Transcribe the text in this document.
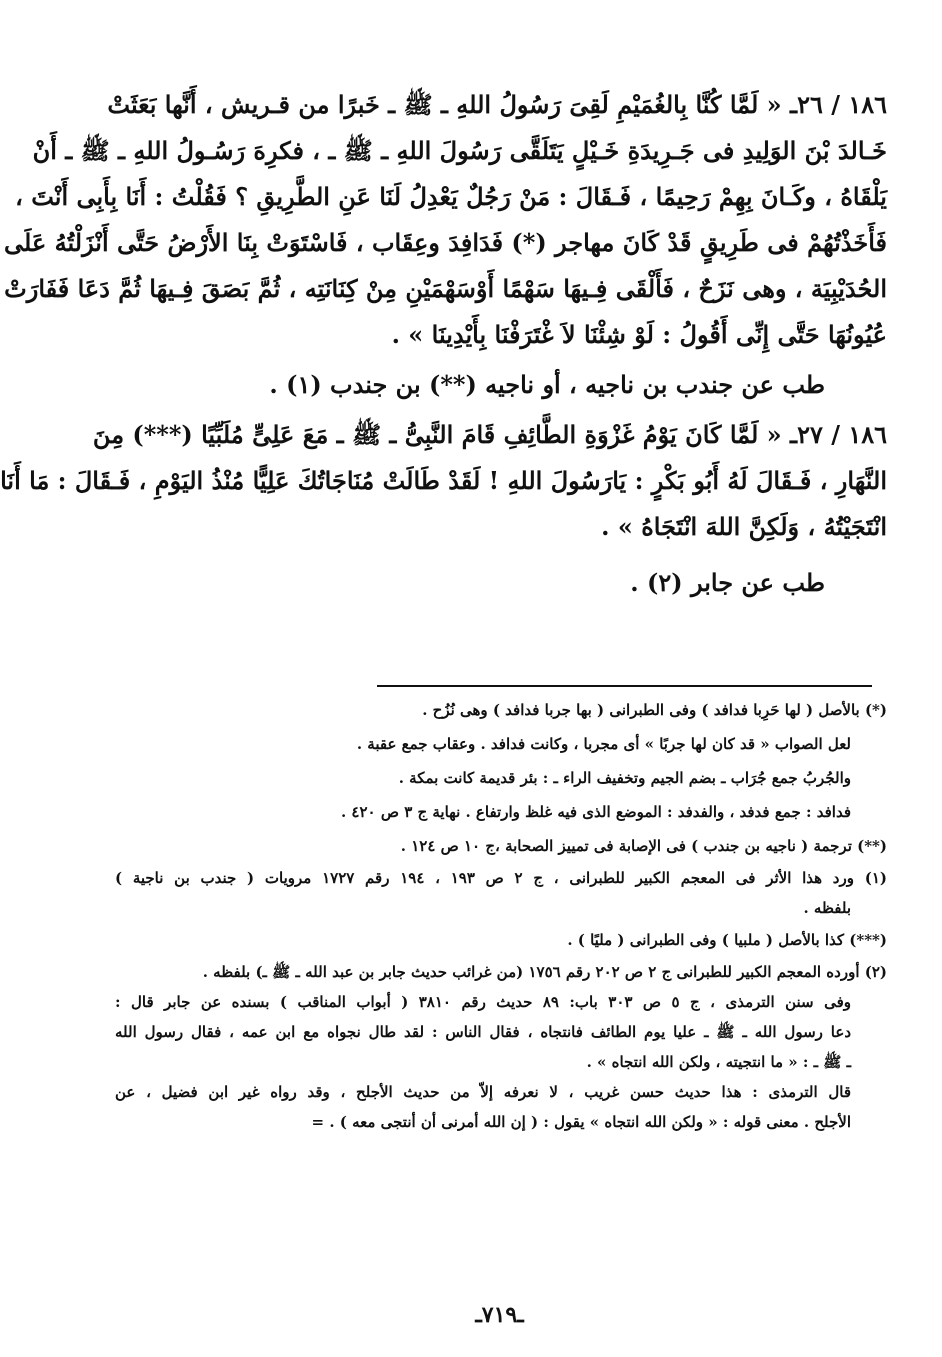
١٨٦ / ٢٦ـ « لَمَّا كُنَّا بِالغُمَيْمِ لَقِىَ رَسُولُ اللهِ ـ ﷺ ـ خَبرًا من قـريش ، أَنَّها بَعَثَتْ
خَـالدَ بْنَ الوَلِيدِ فى جَـرِيدَةِ خَـيْلٍ يَتَلَقَّى رَسُولَ اللهِ ـ ﷺ ـ ، فكرِهَ رَسُـولُ اللهِ ـ ﷺ ـ أَنْ
يَلْقَاهُ ، وكَـانَ بِهِمْ رَحِيمًا ، فَـقَالَ : مَنْ رَجُلٌ يَعْدِلُ لَنَا عَنِ الطَّرِيقِ ؟ فَقُلْتُ : أَنَا بِأَبِى أَنْتَ ،
فَأَخَذْتُهُمْ فى طَرِيقٍ قَدْ كَانَ مهاجر (*) فَدَافِدَ وعِقَاب ، فَاسْتَوَتْ بِنَا الأَرْضُ حَتَّى أَنْزَلْتُهُ عَلَى
الحُدَيْبِيَة ، وهى نَزَحٌ ، فَأَلْقَى فِـيهَا سَهْمًا أَوْسَهْمَيْنِ مِنْ كِنَانَتِه ، ثُمَّ بَصَقَ فِـيهَا ثُمَّ دَعَا فَفَارَتْ
عُيُونُهَا حَتَّى إِنِّى أَقُولُ : لَوْ شِئْنَا لاَ غْتَرَفْنَا بِأَيْدِينَا » .
طب عن جندب بن ناجيه ، أو ناجيه (**) بن جندب (١) .
١٨٦ / ٢٧ـ « لَمَّا كَانَ يَوْمُ غَزْوَةِ الطَّائِفِ قَامَ النَّبِىُّ ـ ﷺ ـ مَعَ عَلِىٍّ مُلَبِّيًا (***) مِنَ
النَّهَارِ ، فَـقَالَ لَهُ أَبُو بَكْرٍ : يَارَسُولَ اللهِ ! لَقَدْ طَالَتْ مُنَاجَاتُكَ عَلِيًّا مُنْذُ اليَوْمِ ، فَـقَالَ : مَا أَنَا
انْتَجَيْتُهُ ، وَلَكِنَّ اللهَ انْتَجَاهُ » .
طب عن جابر (٢) .
(*) بالأصل ( لها حَرِبا فدافد ) وفى الطبرانى ( بها جربا فدافد ) وهى نُزُح .
لعل الصواب « قد كان لها جربًا » أى مجربا ، وكانت فدافد . وعقاب جمع عقبة .
والجُربُ جمع جُرَاب ـ بضم الجيم وتخفيف الراء ـ : بئر قديمة كانت بمكة .
فدافد : جمع فدفد ، والفدفد : الموضع الذى فيه غلظ وارتفاع . نهاية ج ٣ ص ٤٢٠ .
(**) ترجمة ( ناجيه بن جندب ) فى الإصابة فى تمييز الصحابة ،ج ١٠ ص ١٢٤ .
(١) ورد هذا الأثر فى المعجم الكبير للطبرانى ، ج ٢ ص ١٩٣ ، ١٩٤ رقم ١٧٢٧ مرويات ( جندب بن ناجية )
بلفظه .
(***) كذا بالأصل ( ملبيا ) وفى الطبرانى ( مليًا ) .
(٢) أورده المعجم الكبير للطبرانى ج ٢ ص ٢٠٢ رقم ١٧٥٦ (من غرائب حديث جابر بن عبد الله ـ ﷺ ـ) بلفظه .
وفى سنن الترمذى ، ج ٥ ص ٣٠٣ باب: ٨٩ حديث رقم ٣٨١٠ ( أبواب المناقب ) بسنده عن جابر قال :
دعا رسول الله ـ ﷺ ـ عليا يوم الطائف فانتجاه ، فقال الناس : لقد طال نجواه مع ابن عمه ، فقال رسول الله
ـ ﷺ ـ : « ما انتجيته ، ولكن الله انتجاه » .
قال الترمذى : هذا حديث حسن غريب ، لا نعرفه إلاّ من حديث الأجلح ، وقد رواه غير ابن فضيل ، عن
الأجلح . معنى قوله : « ولكن الله انتجاه » يقول : ( إن الله أمرنى أن أنتجى معه ) . =
ـ٧١٩ـ
